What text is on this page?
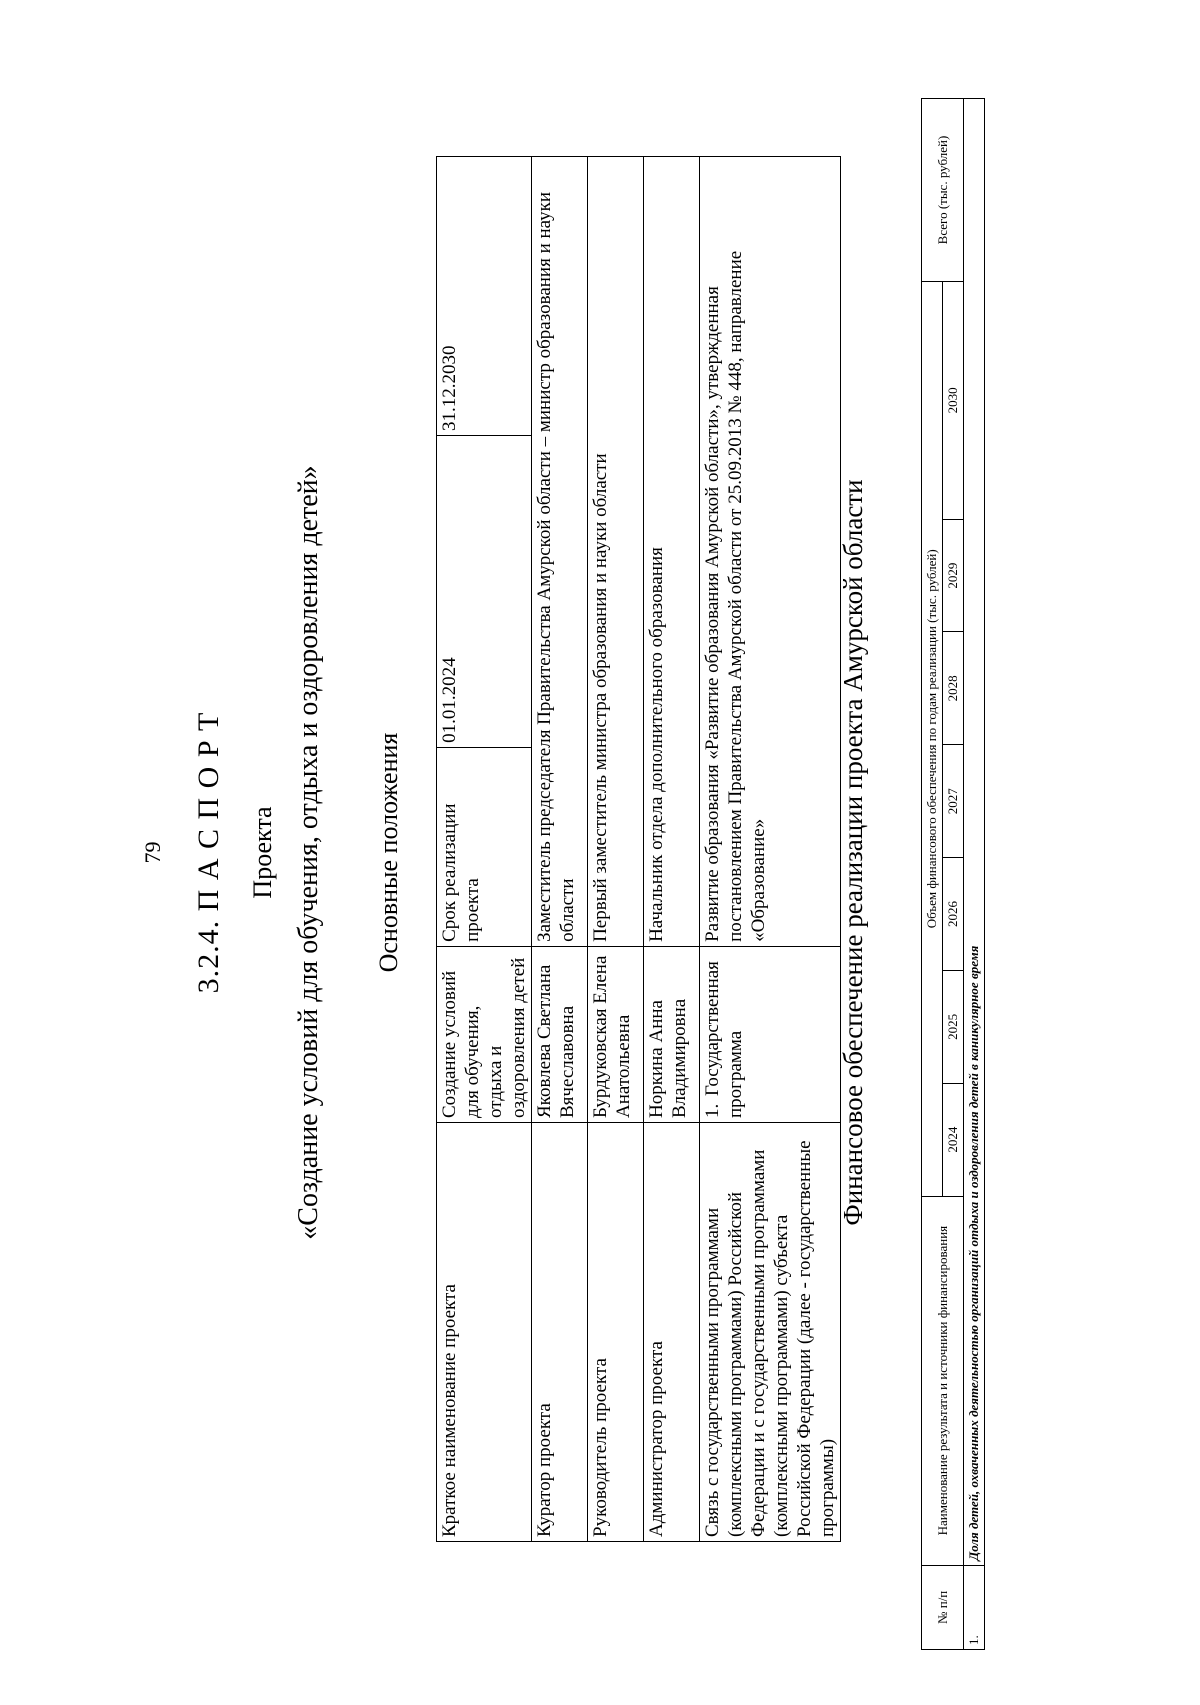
79 3.2.4. П А С П О Р Т Проекта «Создание условий для обучения, отдыха и оздоровления детей» Основные положения
Краткое наименование проекта	Создание условий для обучения, отдыха и оздоровления детей	Срок реализации проекта	01.01.2024	31.12.2030
Куратор проекта	Яковлева Светлана Вячеславовна	Заместитель председателя Правительства Амурской области – министр образования и науки области		
Руководитель проекта	Бурдуковская Елена Анатольевна	Первый заместитель министра образования и науки области		
Администратор проекта	Норкина Анна Владимировна	Начальник отдела дополнительного образования		
Связь с государственными программами (комплексными программами) Российской Федерации и с государственными программами (комплексными программами) субъекта Российской Федерации (далее - государственные программы)	1.Государственная программа	Развитие образования «Развитие образования Амурской области», утвержденная постановлением Правительства Амурской области от 25.09.2013 № 448, направление «Образование»			Финансовое обеспечение реализации проекта Амурской области
№ п/п	Наименование результата и источники финансирования	Объем финансового обеспечения по годам реализации (тыс. рублей)							Всего (тыс. рублей)
		2024	2025	2026	2027	2028	2029	2030	
1.	Доля детей, охваченных деятельностью организаций отдыха и оздоровления детей в каникулярное время								
